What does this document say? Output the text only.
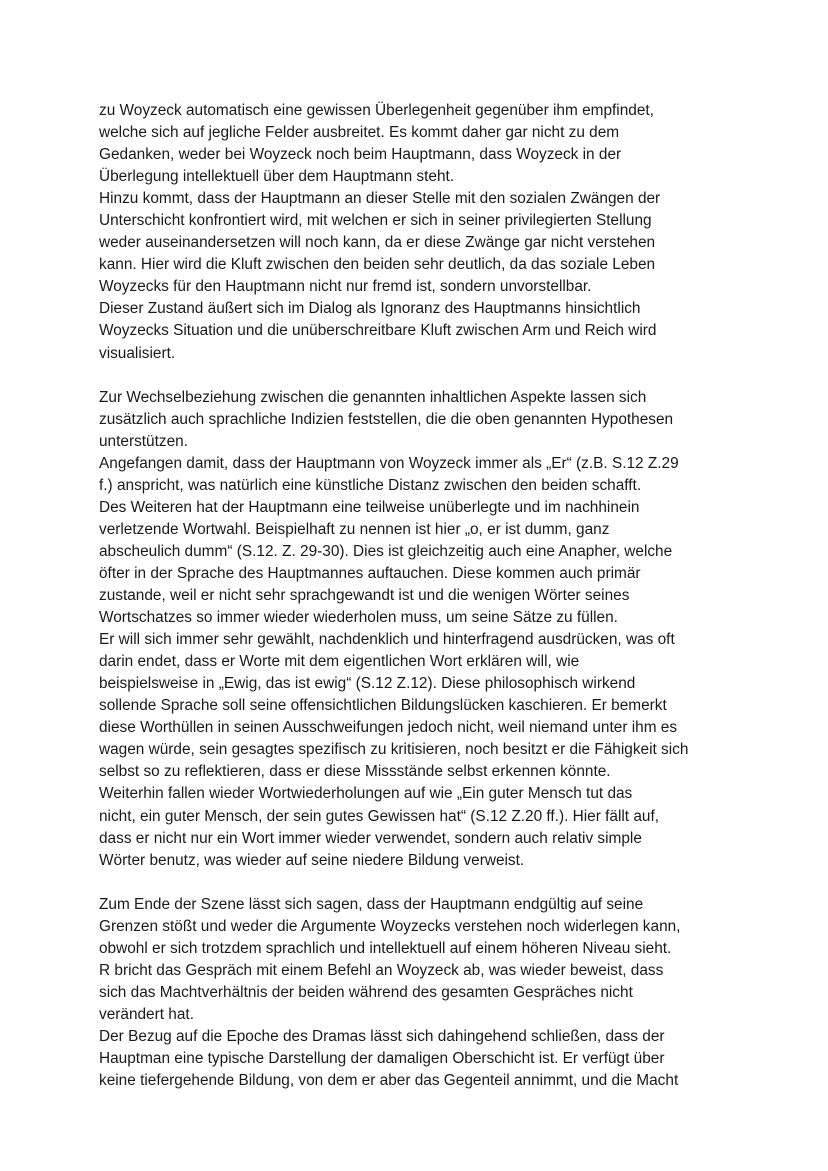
zu Woyzeck automatisch eine gewissen Überlegenheit gegenüber ihm empfindet,
welche sich auf jegliche Felder ausbreitet. Es kommt daher gar nicht zu dem
Gedanken, weder bei Woyzeck noch beim Hauptmann, dass Woyzeck in der
Überlegung intellektuell über dem Hauptmann steht.
Hinzu kommt, dass der Hauptmann an dieser Stelle mit den sozialen Zwängen der
Unterschicht konfrontiert wird, mit welchen er sich in seiner privilegierten Stellung
weder auseinandersetzen will noch kann, da er diese Zwänge gar nicht verstehen
kann. Hier wird die Kluft zwischen den beiden sehr deutlich, da das soziale Leben
Woyzecks für den Hauptmann nicht nur fremd ist, sondern unvorstellbar.
Dieser Zustand äußert sich im Dialog als Ignoranz des Hauptmanns hinsichtlich
Woyzecks Situation und die unüberschreitbare Kluft zwischen Arm und Reich wird
visualisiert.
Zur Wechselbeziehung zwischen die genannten inhaltlichen Aspekte lassen sich
zusätzlich auch sprachliche Indizien feststellen, die die oben genannten Hypothesen
unterstützen.
Angefangen damit, dass der Hauptmann von Woyzeck immer als „Er“ (z.B. S.12 Z.29
f.) anspricht, was natürlich eine künstliche Distanz zwischen den beiden schafft.
Des Weiteren hat der Hauptmann eine teilweise unüberlegte und im nachhinein
verletzende Wortwahl. Beispielhaft zu nennen ist hier „o, er ist dumm, ganz
abscheulich dumm“ (S.12. Z. 29-30). Dies ist gleichzeitig auch eine Anapher, welche
öfter in der Sprache des Hauptmannes auftauchen. Diese kommen auch primär
zustande, weil er nicht sehr sprachgewandt ist und die wenigen Wörter seines
Wortschatzes so immer wieder wiederholen muss, um seine Sätze zu füllen.
Er will sich immer sehr gewählt, nachdenklich und hinterfragend ausdrücken, was oft
darin endet, dass er Worte mit dem eigentlichen Wort erklären will, wie
beispielsweise in „Ewig, das ist ewig“ (S.12 Z.12). Diese philosophisch wirkend
sollende Sprache soll seine offensichtlichen Bildungslücken kaschieren. Er bemerkt
diese Worthüllen in seinen Ausschweifungen jedoch nicht, weil niemand unter ihm es
wagen würde, sein gesagtes spezifisch zu kritisieren, noch besitzt er die Fähigkeit sich
selbst so zu reflektieren, dass er diese Missstände selbst erkennen könnte.
Weiterhin fallen wieder Wortwiederholungen auf wie „Ein guter Mensch tut das
nicht, ein guter Mensch, der sein gutes Gewissen hat“ (S.12 Z.20 ff.). Hier fällt auf,
dass er nicht nur ein Wort immer wieder verwendet, sondern auch relativ simple
Wörter benutz, was wieder auf seine niedere Bildung verweist.
Zum Ende der Szene lässt sich sagen, dass der Hauptmann endgültig auf seine
Grenzen stößt und weder die Argumente Woyzecks verstehen noch widerlegen kann,
obwohl er sich trotzdem sprachlich und intellektuell auf einem höheren Niveau sieht.
R bricht das Gespräch mit einem Befehl an Woyzeck ab, was wieder beweist, dass
sich das Machtverhältnis der beiden während des gesamten Gespräches nicht
verändert hat.
Der Bezug auf die Epoche des Dramas lässt sich dahingehend schließen, dass der
Hauptman eine typische Darstellung der damaligen Oberschicht ist. Er verfügt über
keine tiefergehende Bildung, von dem er aber das Gegenteil annimmt, und die Macht
